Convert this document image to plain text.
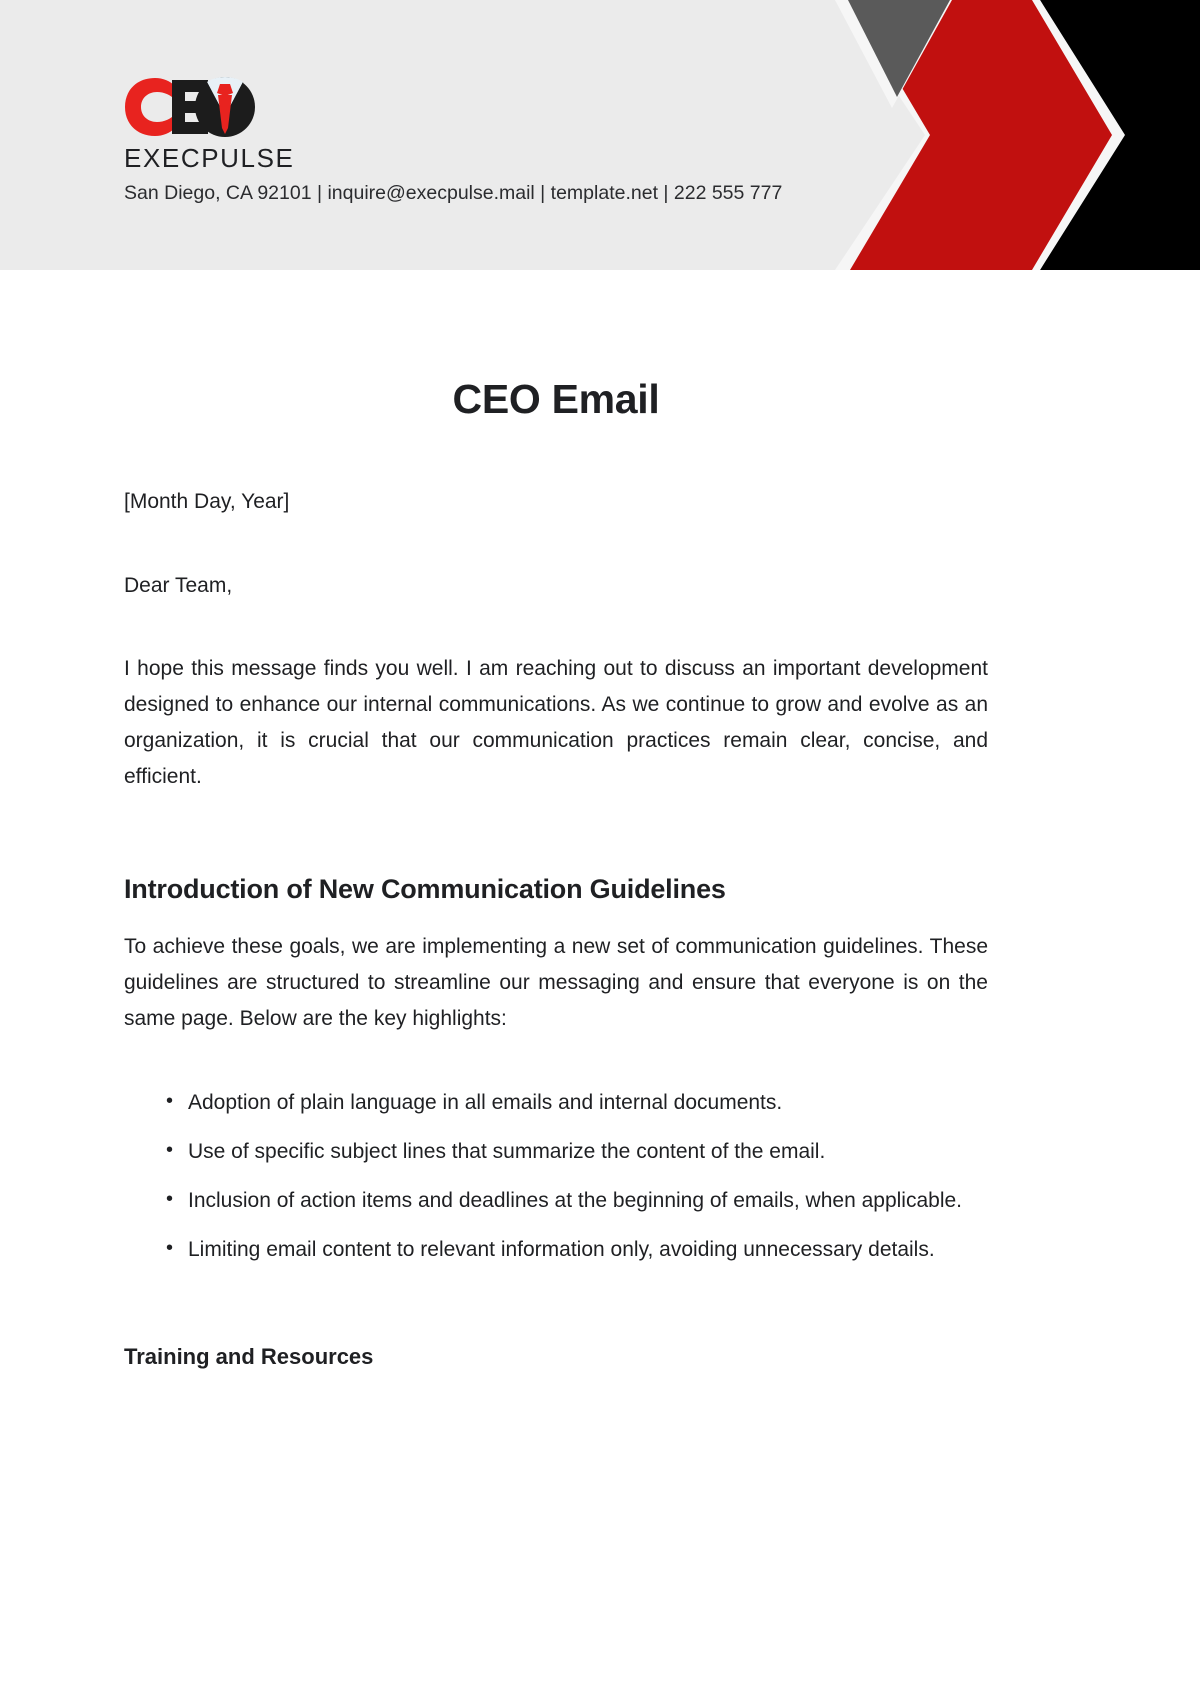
EXECPULSE
San Diego, CA 92101 | inquire@execpulse.mail | template.net | 222 555 777
CEO Email

[Month Day, Year]

Dear Team,

I hope this message finds you well. I am reaching out to discuss an important development designed to enhance our internal communications. As we continue to grow and evolve as an organization, it is crucial that our communication practices remain clear, concise, and efficient.

Introduction of New Communication Guidelines

To achieve these goals, we are implementing a new set of communication guidelines. These guidelines are structured to streamline our messaging and ensure that everyone is on the same page. Below are the key highlights:

• Adoption of plain language in all emails and internal documents.
• Use of specific subject lines that summarize the content of the email.
• Inclusion of action items and deadlines at the beginning of emails, when applicable.
• Limiting email content to relevant information only, avoiding unnecessary details.
Training and Resources
